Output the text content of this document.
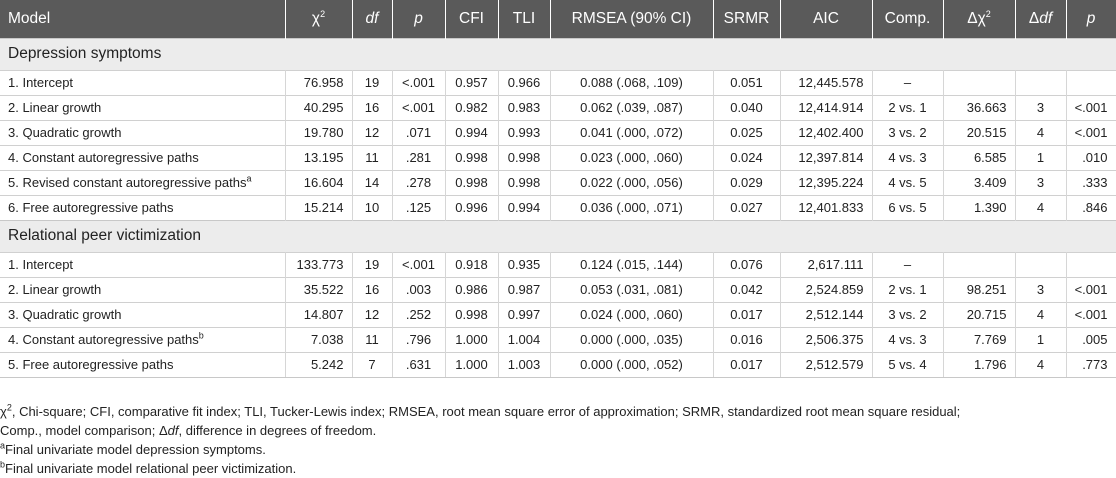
Model	$\chi^2$	df	p	CFI	TLI	RMSEA (90% CI)	SRMR	AIC	Comp.	$\Delta\chi^2$	Δdf	p
Depression symptoms												
1. Intercept	76.958	19	<.001	0.957	0.966	0.088 (.068, .109)	0.051	12,445.578	–			
2. Linear growth	40.295	16	<.001	0.982	0.983	0.062 (.039, .087)	0.040	12,414.914	2 vs. 1	36.663	3	<.001
3. Quadratic growth	19.780	12	.071	0.994	0.993	0.041 (.000, .072)	0.025	12,402.400	3 vs. 2	20.515	4	<.001
4. Constant autoregressive paths	13.195	11	.281	0.998	0.998	0.023 (.000, .060)	0.024	12,397.814	4 vs. 3	6.585	1	.010
5. Revised constant autoregressive paths$^a$	16.604	14	.278	0.998	0.998	0.022 (.000, .056)	0.029	12,395.224	4 vs. 5	3.409	3	.333
6. Free autoregressive paths	15.214	10	.125	0.996	0.994	0.036 (.000, .071)	0.027	12,401.833	6 vs. 5	1.390	4	.846
Relational peer victimization												
1. Intercept	133.773	19	<.001	0.918	0.935	0.124 (.015, .144)	0.076	2,617.111	–			
2. Linear growth	35.522	16	.003	0.986	0.987	0.053 (.031, .081)	0.042	2,524.859	2 vs. 1	98.251	3	<.001
3. Quadratic growth	14.807	12	.252	0.998	0.997	0.024 (.000, .060)	0.017	2,512.144	3 vs. 2	20.715	4	<.001
4. Constant autoregressive paths$^b$	7.038	11	.796	1.000	1.004	0.000 (.000, .035)	0.016	2,506.375	4 vs. 3	7.769	1	.005
5. Free autoregressive paths	5.242	7	.631	1.000	1.003	0.000 (.000, .052)	0.017	2,512.579	5 vs. 4	1.796	4	.773

$\chi^2$, Chi-square; CFI, comparative fit index; TLI, Tucker-Lewis index; RMSEA, root mean square error of approximation; SRMR, standardized root mean square residual;
Comp., model comparison; Δdf, difference in degrees of freedom.

$^a$Final univariate model depression symptoms.

$^b$Final univariate model relational peer victimization.
